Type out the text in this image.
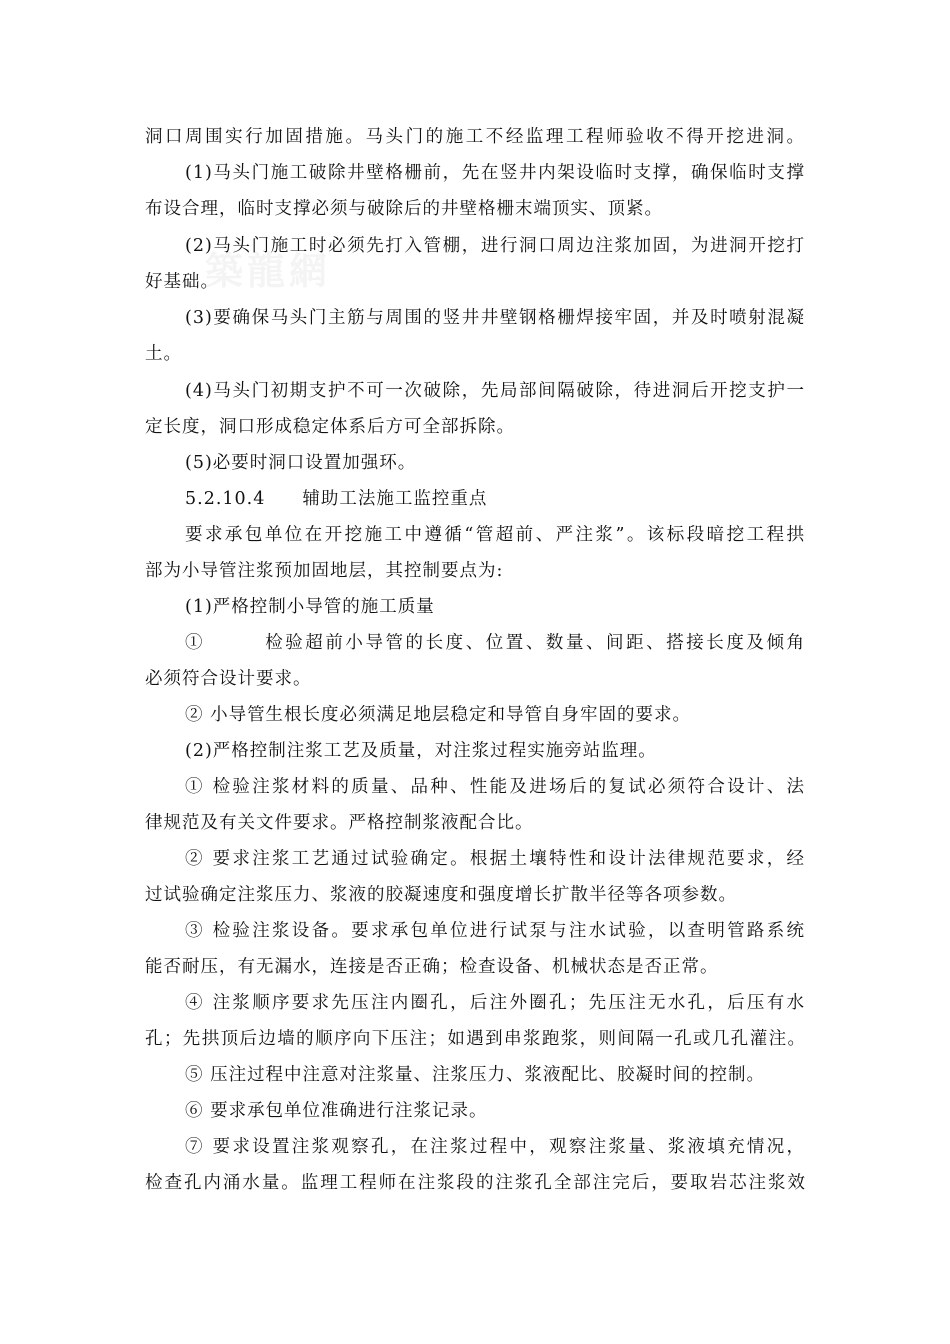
築龍網
洞口周围实行加固措施。马头门的施工不经监理工程师验收不得开挖进洞。
(1)马头门施工破除井壁格栅前，先在竖井内架设临时支撑，确保临时支撑
布设合理，临时支撑必须与破除后的井壁格栅末端顶实、顶紧。
(2)马头门施工时必须先打入管棚，进行洞口周边注浆加固，为进洞开挖打
好基础。
(3)要确保马头门主筋与周围的竖井井壁钢格栅焊接牢固，并及时喷射混凝
土。
(4)马头门初期支护不可一次破除，先局部间隔破除，待进洞后开挖支护一
定长度，洞口形成稳定体系后方可全部拆除。
(5)必要时洞口设置加强环。
5.2.10.4　　辅助工法施工监控重点
要求承包单位在开挖施工中遵循“管超前、严注浆”。该标段暗挖工程拱
部为小导管注浆预加固地层，其控制要点为:
(1)严格控制小导管的施工质量
①　　　检验超前小导管的长度、位置、数量、间距、搭接长度及倾角
必须符合设计要求。
② 小导管生根长度必须满足地层稳定和导管自身牢固的要求。
(2)严格控制注浆工艺及质量，对注浆过程实施旁站监理。
① 检验注浆材料的质量、品种、性能及进场后的复试必须符合设计、法
律规范及有关文件要求。严格控制浆液配合比。
② 要求注浆工艺通过试验确定。根据土壤特性和设计法律规范要求，经
过试验确定注浆压力、浆液的胶凝速度和强度增长扩散半径等各项参数。
③ 检验注浆设备。要求承包单位进行试泵与注水试验，以查明管路系统
能否耐压，有无漏水，连接是否正确；检查设备、机械状态是否正常。
④ 注浆顺序要求先压注内圈孔，后注外圈孔；先压注无水孔，后压有水
孔；先拱顶后边墙的顺序向下压注；如遇到串浆跑浆，则间隔一孔或几孔灌注。
⑤ 压注过程中注意对注浆量、注浆压力、浆液配比、胶凝时间的控制。
⑥ 要求承包单位准确进行注浆记录。
⑦ 要求设置注浆观察孔，在注浆过程中，观察注浆量、浆液填充情况，
检查孔内涌水量。监理工程师在注浆段的注浆孔全部注完后，要取岩芯注浆效
